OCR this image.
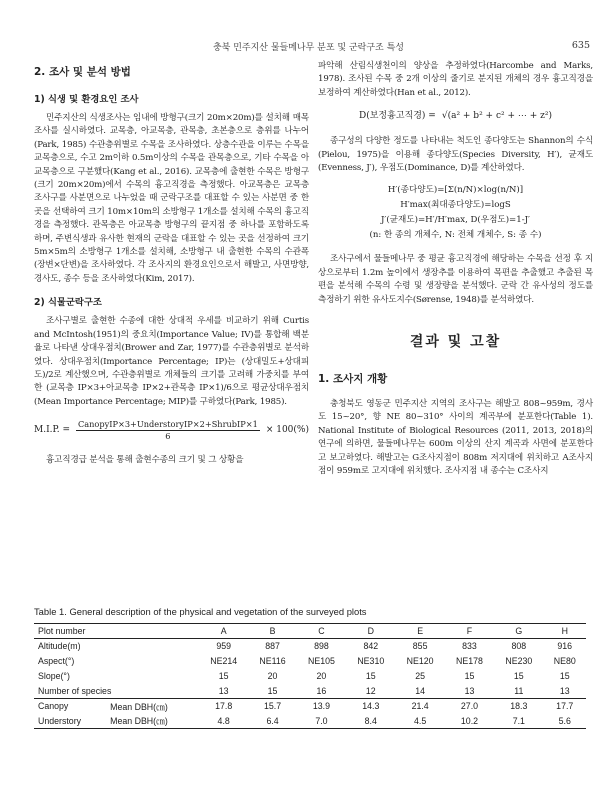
충북 민주지산 물들메나무 분포 및 군락구조 특성	635
2. 조사 및 분석 방법
1) 식생 및 환경요인 조사

민주지산의 식생조사는 임내에 방형구(크기 20m×20m)를 설치해 매목조사를 실시하였다. 교목층, 아교목층, 관목층, 초본층으로 층위를 나누어(Park, 1985) 수관층위별로 수목을 조사하였다. 상층수관을 이루는 수목을 교목층으로, 수고 2m이하 0.5m이상의 수목을 관목층으로, 기타 수목을 아교목층으로 구분했다(Kang et al., 2016). 교목층에 출현한 수목은 방형구(크기 20m×20m)에서 수목의 흉고직경을 측정했다. 아교목층은 교목층 조사구를 사분면으로 나누었을 때 군락구조를 대표할 수 있는 사분면 중 한 곳을 선택하여 크기 10m×10m의 소방형구 1개소를 설치해 수목의 흉고직경을 측정했다. 관목층은 아교목층 방형구의 끝지점 중 하나를 포함하도록 하며, 주변식생과 유사한 현재의 군락을 대표할 수 있는 곳을 선정하여 크기 5m×5m의 소방형구 1개소를 설치해, 소방형구 내 출현한 수목의 수관폭(장변×단변)을 조사하였다. 각 조사지의 환경요인으로서 해발고, 사면방향, 경사도, 종수 등을 조사하였다(Kim, 2017).

2) 식물군락구조

조사구별로 출현한 수종에 대한 상대적 우세를 비교하기 위해 Curtis and McIntosh(1951)의 중요치(Importance Value; IV)를 통합해 백분율로 나타낸 상대우점치(Brower and Zar, 1977)를 수관층위별로 분석하였다. 상대우점치(Importance Percentage; IP)는 (상대밀도+상대피도)/2로 계산했으며, 수관층위별로 개체들의 크기를 고려해 가중치를 부여한 (교목층 IP×3+아교목층 IP×2+관목층 IP×1)/6으로 평균상대우점치(Mean Importance Percentage; MIP)를 구하였다(Park, 1985).

M.I.P. = $\frac{\text{CanopyIP×3+UnderstoryIP×2+ShrubIP×1}}{6} \times 100(\%)$

흉고직경급 분석을 통해 출현수종의 크기 및 그 상황을

파악해 산림식생천이의 양상을 추정하였다(Harcombe and Marks, 1978). 조사된 수목 중 2개 이상의 줄기로 분지된 개체의 경우 흉고직경을 보정하여 계산하였다(Han et al., 2012).

D(보정흉고직경) = √(a² + b² + c² + ⋯ + z²)

종구성의 다양한 정도를 나타내는 척도인 종다양도는 Shannon의 수식(Pielou, 1975)을 이용해 종다양도(Species Diversity, H′), 균재도(Evenness, J′), 우점도(Dominance, D)를 계산하였다.

H′(종다양도)=[Σ(n/N)×log(n/N)]
H′max(최대종다양도)=logS
J′(균재도)=H′/H′max, D(우점도)=1-J′
(n: 한 종의 개체수, N: 전체 개체수, S: 종 수)

조사구에서 물들메나무 중 평균 흉고직경에 해당하는 수목을 선정 후 지상으로부터 1.2m 높이에서 생장추를 이용하여 목편을 추출했고 추출된 목편을 분석해 수목의 수령 및 생장량을 분석했다. 군락 간 유사성의 정도를 측정하기 위한 유사도지수(Sørense, 1948)를 분석하였다.

결과 및 고찰
1. 조사지 개황

충청북도 영동군 민주지산 지역의 조사구는 해발고 808~959m, 경사도 15~20°, 향 NE 80~310° 사이의 계곡부에 분포한다(Table 1). National Institute of Biological Resources (2011, 2013, 2018)의 연구에 의하면, 물들메나무는 600m 이상의 산지 계곡과 사면에 분포한다고 보고하였다. 해발고는 G조사지점이 808m 저지대에 위치하고 A조사지점이 959m로 고지대에 위치했다. 조사지점 내 종수는 C조사지

Table 1. General description of the physical and vegetation of the surveyed plots
Plot number		A	B	C	D	E	F	G	H
Altitude(m)		959	887	898	842	855	833	808	916
Aspect(°)		NE214	NE116	NE105	NE310	NE120	NE178	NE230	NE80
Slope(°)		15	20	20	15	25	15	15	15
Number of species		13	15	16	12	14	13	11	13
Canopy	Mean DBH(㎝)	17.8	15.7	13.9	14.3	21.4	27.0	18.3	17.7
Understory	Mean DBH(㎝)	4.8	6.4	7.0	8.4	4.5	10.2	7.1	5.6
